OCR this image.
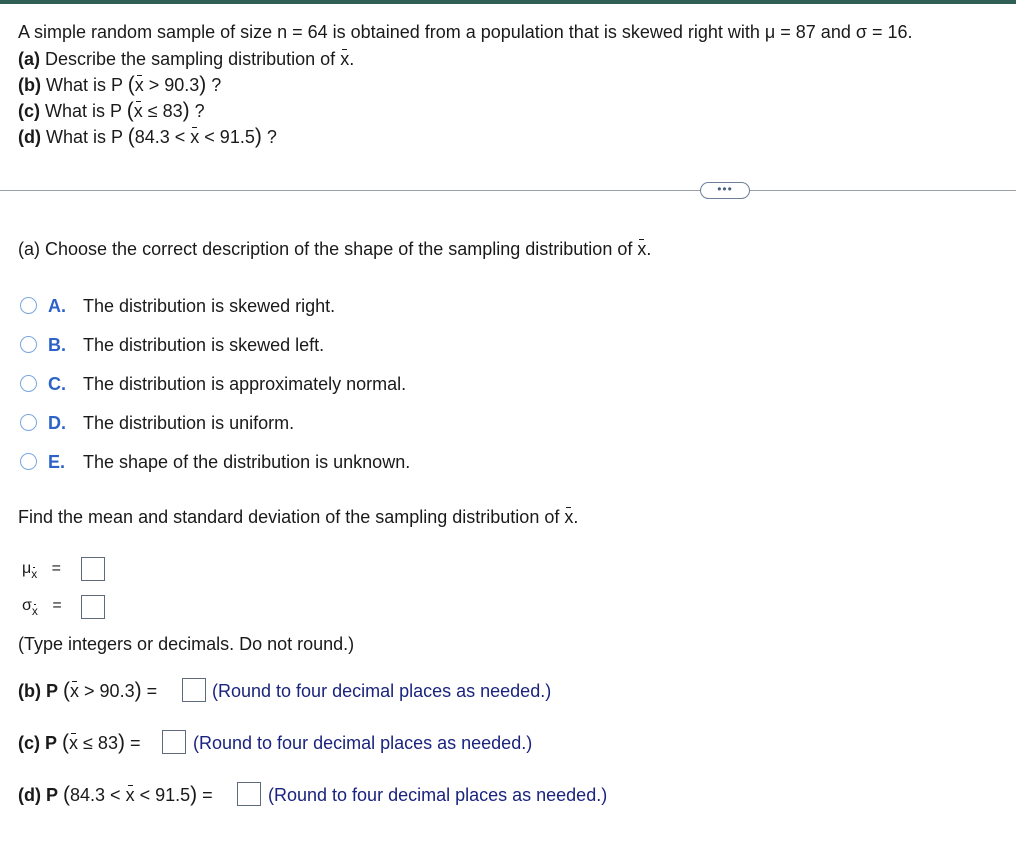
A simple random sample of size n = 64 is obtained from a population that is skewed right with μ = 87 and σ = 16.
(a) Describe the sampling distribution of x.
(b) What is P (x > 90.3) ?
(c) What is P (x ≤ 83) ?
(d) What is P (84.3 < x < 91.5) ?
•••
(a) Choose the correct description of the shape of the sampling distribution of x.
A. The distribution is skewed right.
B. The distribution is skewed left.
C. The distribution is approximately normal.
D. The distribution is uniform.
E. The shape of the distribution is unknown.
Find the mean and standard deviation of the sampling distribution of x.
$\mu_x$ =
$\sigma_x$ =
(Type integers or decimals. Do not round.)
(b) P (x > 90.3) =	(Round to four decimal places as needed.)
(c) P (x ≤ 83) =	(Round to four decimal places as needed.)
(d) P (84.3 < x < 91.5) =	(Round to four decimal places as needed.)
